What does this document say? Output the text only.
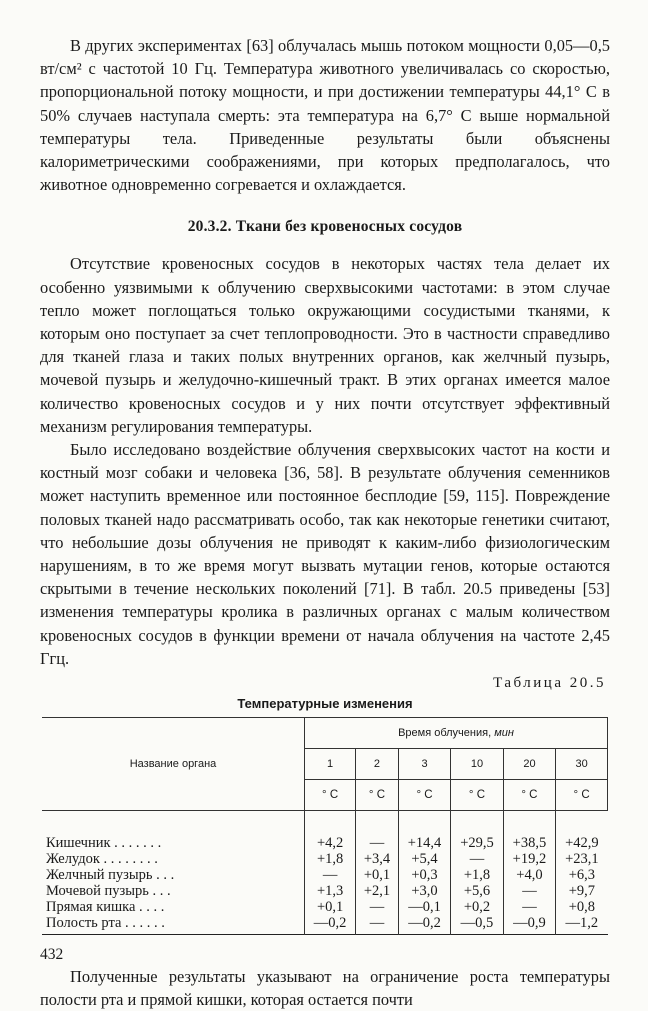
В других экспериментах [63] облучалась мышь потоком мощности 0,05—0,5 вт/см² с частотой 10 Гц. Температура животного увеличивалась со скоростью, пропорциональной потоку мощности, и при достижении температуры 44,1° С в 50% случаев наступала смерть: эта температура на 6,7° С выше нормальной температуры тела. Приведенные результаты были объяснены калориметрическими соображениями, при которых предполагалось, что животное одновременно согревается и охлаждается.

20.3.2. Ткани без кровеносных сосудов

Отсутствие кровеносных сосудов в некоторых частях тела делает их особенно уязвимыми к облучению сверхвысокими частотами: в этом случае тепло может поглощаться только окружающими сосудистыми тканями, к которым оно поступает за счет теплопроводности. Это в частности справедливо для тканей глаза и таких полых внутренних органов, как желчный пузырь, мочевой пузырь и желудочно-кишечный тракт. В этих органах имеется малое количество кровеносных сосудов и у них почти отсутствует эффективный механизм регулирования температуры.

Было исследовано воздействие облучения сверхвысоких частот на кости и костный мозг собаки и человека [36, 58]. В результате облучения семенников может наступить временное или постоянное бесплодие [59, 115]. Повреждение половых тканей надо рассматривать особо, так как некоторые генетики считают, что небольшие дозы облучения не приводят к каким-либо физиологическим нарушениям, в то же время могут вызвать мутации генов, которые остаются скрытыми в течение нескольких поколений [71]. В табл. 20.5 приведены [53] изменения температуры кролика в различных органах с малым количеством кровеносных сосудов в функции времени от начала облучения на частоте 2,45 Ггц.

Таблица 20.5
Температурные изменения
Название органа	Время облучения, мин					
	1	2	3	10	20	30
	° C	° C	° C	° C	° C	° C
Кишечник . . . . . . .	+4,2	—	+14,4	+29,5	+38,5	+42,9
Желудок . . . . . . . .	+1,8	+3,4	+5,4	—	+19,2	+23,1
Желчный пузырь . . .	—	+0,1	+0,3	+1,8	+4,0	+6,3
Мочевой пузырь . . .	+1,3	+2,1	+3,0	+5,6	—	+9,7
Прямая кишка . . . .	+0,1	—	—0,1	+0,2	—	+0,8
Полость рта . . . . . .	—0,2	—	—0,2	—0,5	—0,9	—1,2

Полученные результаты указывают на ограничение роста температуры полости рта и прямой кишки, которая остается почти

432
